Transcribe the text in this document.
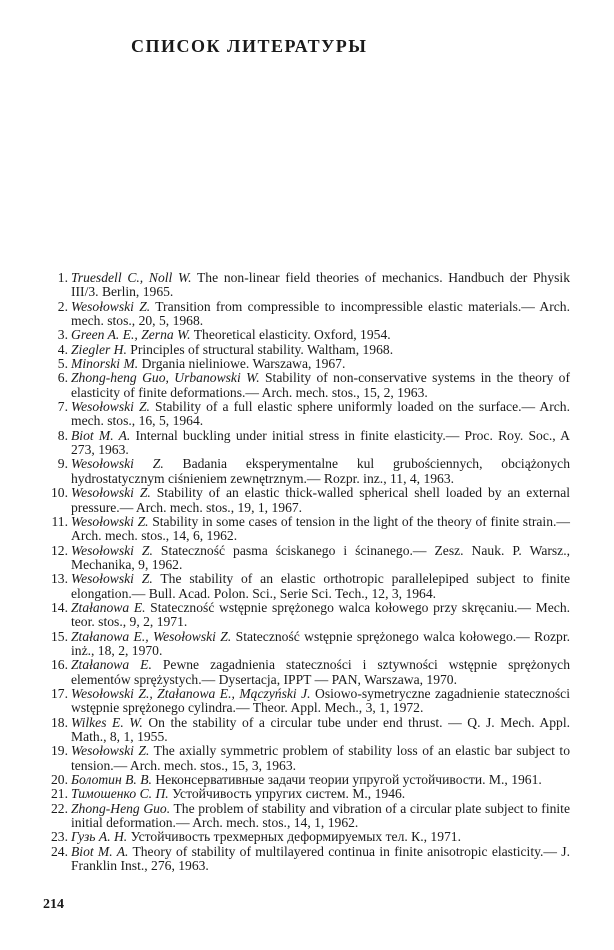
СПИСОК ЛИТЕРАТУРЫ
1. Truesdell C., Noll W. The non-linear field theories of mechanics. Handbuch der Physik III/3. Berlin, 1965.
2. Wesołowski Z. Transition from compressible to incompressible elastic materials.— Arch. mech. stos., 20, 5, 1968.
3. Green A. E., Zerna W. Theoretical elasticity. Oxford, 1954.
4. Ziegler H. Principles of structural stability. Waltham, 1968.
5. Minorski M. Drgania nieliniowe. Warszawa, 1967.
6. Zhong-heng Guo, Urbanowski W. Stability of non-conservative systems in the theory of elasticity of finite deformations.— Arch. mech. stos., 15, 2, 1963.
7. Wesołowski Z. Stability of a full elastic sphere uniformly loaded on the surface.— Arch. mech. stos., 16, 5, 1964.
8. Biot M. A. Internal buckling under initial stress in finite elasticity.— Proc. Roy. Soc., A 273, 1963.
9. Wesołowski Z. Badania eksperymentalne kul grubościennych, obciążonych hydrostatycznym ciśnieniem zewnętrznym.— Rozpr. inz., 11, 4, 1963.
10. Wesołowski Z. Stability of an elastic thick-walled spherical shell loaded by an external pressure.— Arch. mech. stos., 19, 1, 1967.
11. Wesołowski Z. Stability in some cases of tension in the light of the theory of finite strain.— Arch. mech. stos., 14, 6, 1962.
12. Wesołowski Z. Stateczność pasma ściskanego i ścinanego.— Zesz. Nauk. P. Warsz., Mechanika, 9, 1962.
13. Wesołowski Z. The stability of an elastic orthotropic parallelepiped subject to finite elongation.— Bull. Acad. Polon. Sci., Serie Sci. Tech., 12, 3, 1964.
14. Ztałanowa E. Stateczność wstępnie sprężonego walca kołowego przy skręcaniu.— Mech. teor. stos., 9, 2, 1971.
15. Ztałanowa E., Wesołowski Z. Stateczność wstępnie sprężonego walca kołowego.— Rozpr. inż., 18, 2, 1970.
16. Ztałanowa E. Pewne zagadnienia stateczności i sztywności wstępnie sprężonych elementów sprężystych.— Dysertacja, IPPT — PAN, Warszawa, 1970.
17. Wesołowski Z., Ztałanowa E., Mączyński J. Osiowo-symetryczne zagadnienie stateczności wstępnie sprężonego cylindra.— Theor. Appl. Mech., 3, 1, 1972.
18. Wilkes E. W. On the stability of a circular tube under end thrust. — Q. J. Mech. Appl. Math., 8, 1, 1955.
19. Wesołowski Z. The axially symmetric problem of stability loss of an elastic bar subject to tension.— Arch. mech. stos., 15, 3, 1963.
20. Болотин В. В. Неконсервативные задачи теории упругой устойчивости. М., 1961.
21. Тимошенко С. П. Устойчивость упругих систем. М., 1946.
22. Zhong-Heng Guo. The problem of stability and vibration of a circular plate subject to finite initial deformation.— Arch. mech. stos., 14, 1, 1962.
23. Гузь А. Н. Устойчивость трехмерных деформируемых тел. К., 1971.
24. Biot M. A. Theory of stability of multilayered continua in finite anisotropic elasticity.— J. Franklin Inst., 276, 1963.
214
